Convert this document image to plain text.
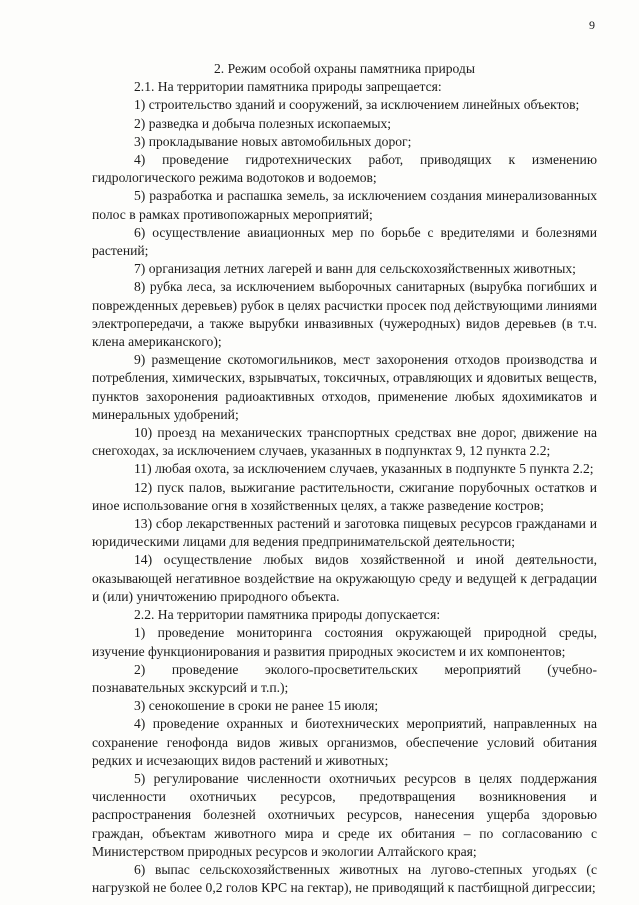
9

2. Режим особой охраны памятника природы

2.1. На территории памятника природы запрещается:

1) строительство зданий и сооружений, за исключением линейных объектов;

2) разведка и добыча полезных ископаемых;

3) прокладывание новых автомобильных дорог;

4) проведение гидротехнических работ, приводящих к изменению гидрологического режима водотоков и водоемов;

5) разработка и распашка земель, за исключением создания минерализованных полос в рамках противопожарных мероприятий;

6) осуществление авиационных мер по борьбе с вредителями и болезнями растений;

7) организация летних лагерей и ванн для сельскохозяйственных животных;

8) рубка леса, за исключением выборочных санитарных (вырубка погибших и поврежденных деревьев) рубок в целях расчистки просек под действующими линиями электропередачи, а также вырубки инвазивных (чужеродных) видов деревьев (в т.ч. клена американского);

9) размещение скотомогильников, мест захоронения отходов производства и потребления, химических, взрывчатых, токсичных, отравляющих и ядовитых веществ, пунктов захоронения радиоактивных отходов, применение любых ядохимикатов и минеральных удобрений;

10) проезд на механических транспортных средствах вне дорог, движение на снегоходах, за исключением случаев, указанных в подпунктах 9, 12 пункта 2.2;

11) любая охота, за исключением случаев, указанных в подпункте 5 пункта 2.2;

12) пуск палов, выжигание растительности, сжигание порубочных остатков и иное использование огня в хозяйственных целях, а также разведение костров;

13) сбор лекарственных растений и заготовка пищевых ресурсов гражданами и юридическими лицами для ведения предпринимательской деятельности;

14) осуществление любых видов хозяйственной и иной деятельности, оказывающей негативное воздействие на окружающую среду и ведущей к деградации и (или) уничтожению природного объекта.

2.2. На территории памятника природы допускается:

1) проведение мониторинга состояния окружающей природной среды, изучение функционирования и развития природных экосистем и их компонентов;

2) проведение эколого-просветительских мероприятий (учебно-познавательных экскурсий и т.п.);

3) сенокошение в сроки не ранее 15 июля;

4) проведение охранных и биотехнических мероприятий, направленных на сохранение генофонда видов живых организмов, обеспечение условий обитания редких и исчезающих видов растений и животных;

5) регулирование численности охотничьих ресурсов в целях поддержания численности охотничьих ресурсов, предотвращения возникновения и распространения болезней охотничьих ресурсов, нанесения ущерба здоровью граждан, объектам животного мира и среде их обитания – по согласованию с Министерством природных ресурсов и экологии Алтайского края;

6) выпас сельскохозяйственных животных на лугово-степных угодьях (с нагрузкой не более 0,2 голов КРС на гектар), не приводящий к пастбищной дигрессии;
